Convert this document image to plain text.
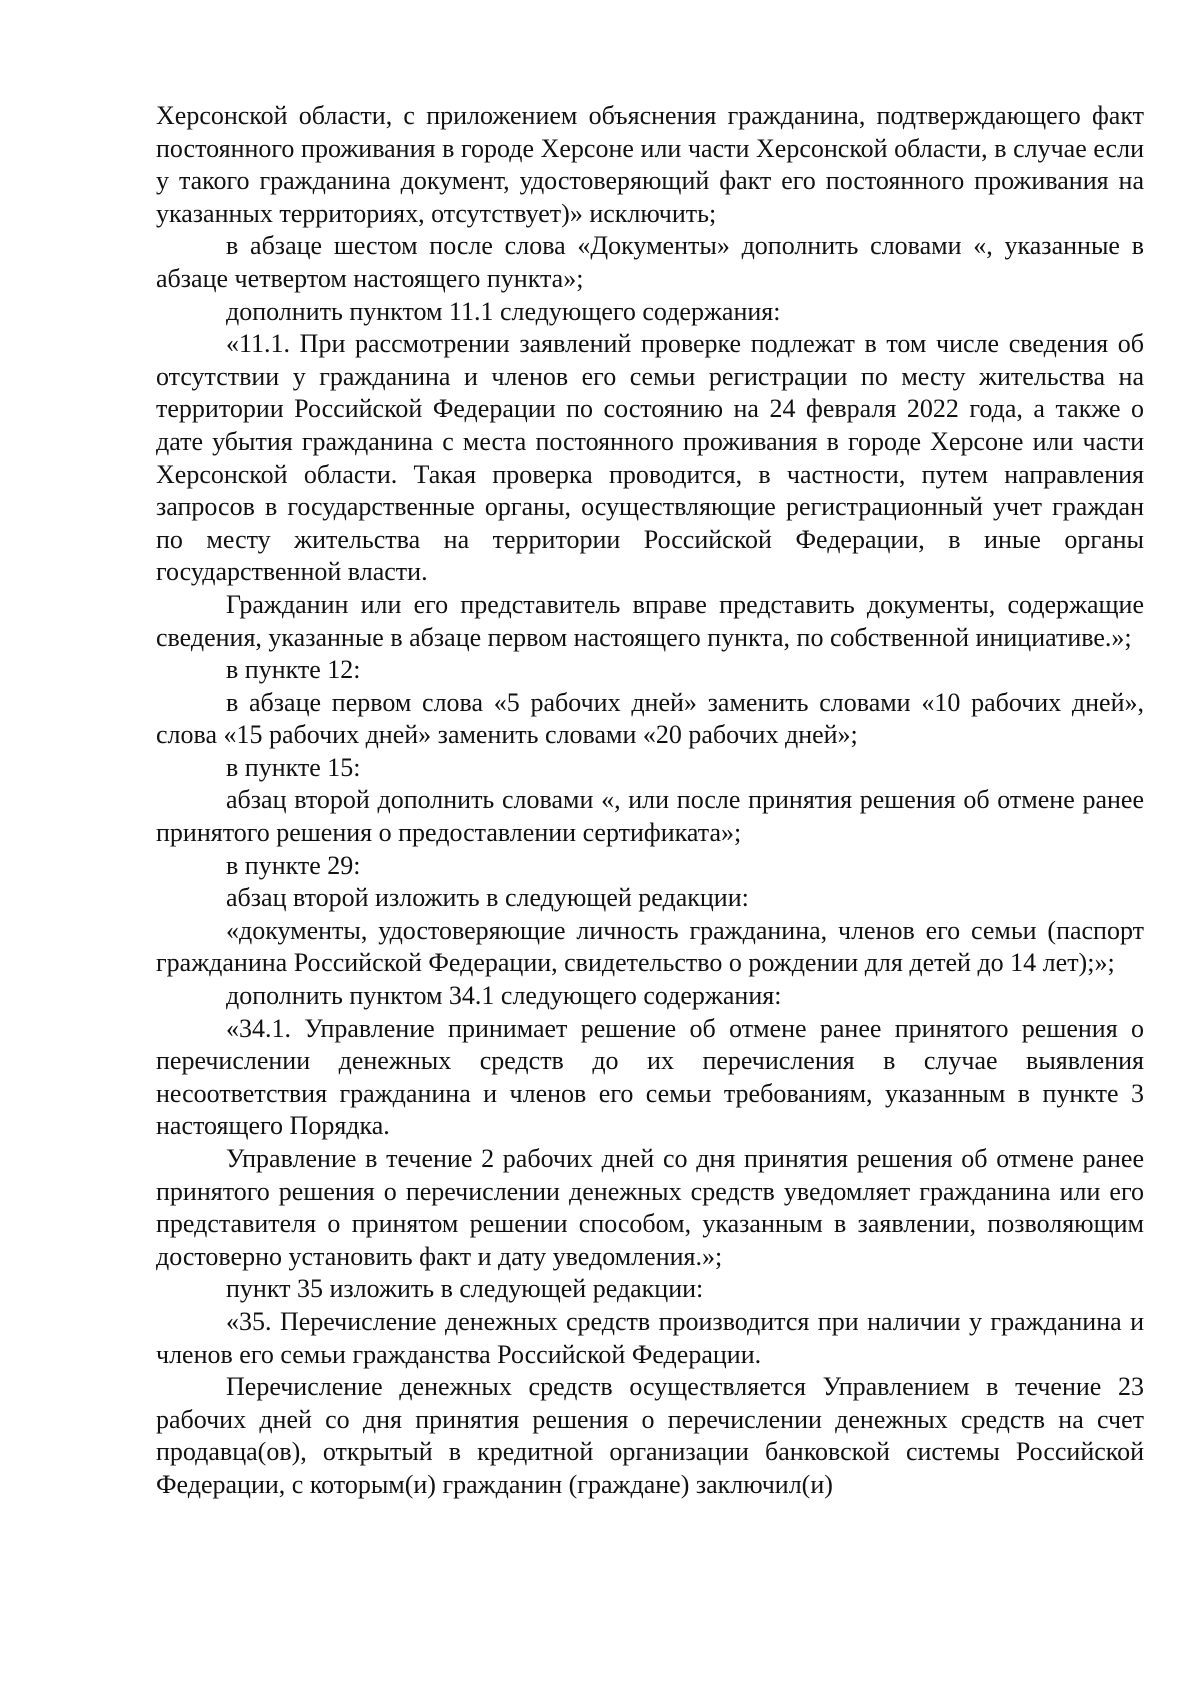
Херсонской области, с приложением объяснения гражданина, подтверждающего факт постоянного проживания в городе Херсоне или части Херсонской области, в случае если у такого гражданина документ, удостоверяющий факт его постоянного проживания на указанных территориях, отсутствует)» исключить;

в абзаце шестом после слова «Документы» дополнить словами «, указанные в абзаце четвертом настоящего пункта»;

дополнить пунктом 11.1 следующего содержания:

«11.1. При рассмотрении заявлений проверке подлежат в том числе сведения об отсутствии у гражданина и членов его семьи регистрации по месту жительства на территории Российской Федерации по состоянию на 24 февраля 2022 года, а также о дате убытия гражданина с места постоянного проживания в городе Херсоне или части Херсонской области. Такая проверка проводится, в частности, путем направления запросов в государственные органы, осуществляющие регистрационный учет граждан по месту жительства на территории Российской Федерации, в иные органы государственной власти.

Гражданин или его представитель вправе представить документы, содержащие сведения, указанные в абзаце первом настоящего пункта, по собственной инициативе.»;

в пункте 12:

в абзаце первом слова «5 рабочих дней» заменить словами «10 рабочих дней», слова «15 рабочих дней» заменить словами «20 рабочих дней»;

в пункте 15:

абзац второй дополнить словами «, или после принятия решения об отмене ранее принятого решения о предоставлении сертификата»;

в пункте 29:

абзац второй изложить в следующей редакции:

«документы, удостоверяющие личность гражданина, членов его семьи (паспорт гражданина Российской Федерации, свидетельство о рождении для детей до 14 лет);»;

дополнить пунктом 34.1 следующего содержания:

«34.1. Управление принимает решение об отмене ранее принятого решения о перечислении денежных средств до их перечисления в случае выявления несоответствия гражданина и членов его семьи требованиям, указанным в пункте 3 настоящего Порядка.

Управление в течение 2 рабочих дней со дня принятия решения об отмене ранее принятого решения о перечислении денежных средств уведомляет гражданина или его представителя о принятом решении способом, указанным в заявлении, позволяющим достоверно установить факт и дату уведомления.»;

пункт 35 изложить в следующей редакции:

«35. Перечисление денежных средств производится при наличии у гражданина и членов его семьи гражданства Российской Федерации.

Перечисление денежных средств осуществляется Управлением в течение 23 рабочих дней со дня принятия решения о перечислении денежных средств на счет продавца(ов), открытый в кредитной организации банковской системы Российской Федерации, с которым(и) гражданин (граждане) заключил(и)
